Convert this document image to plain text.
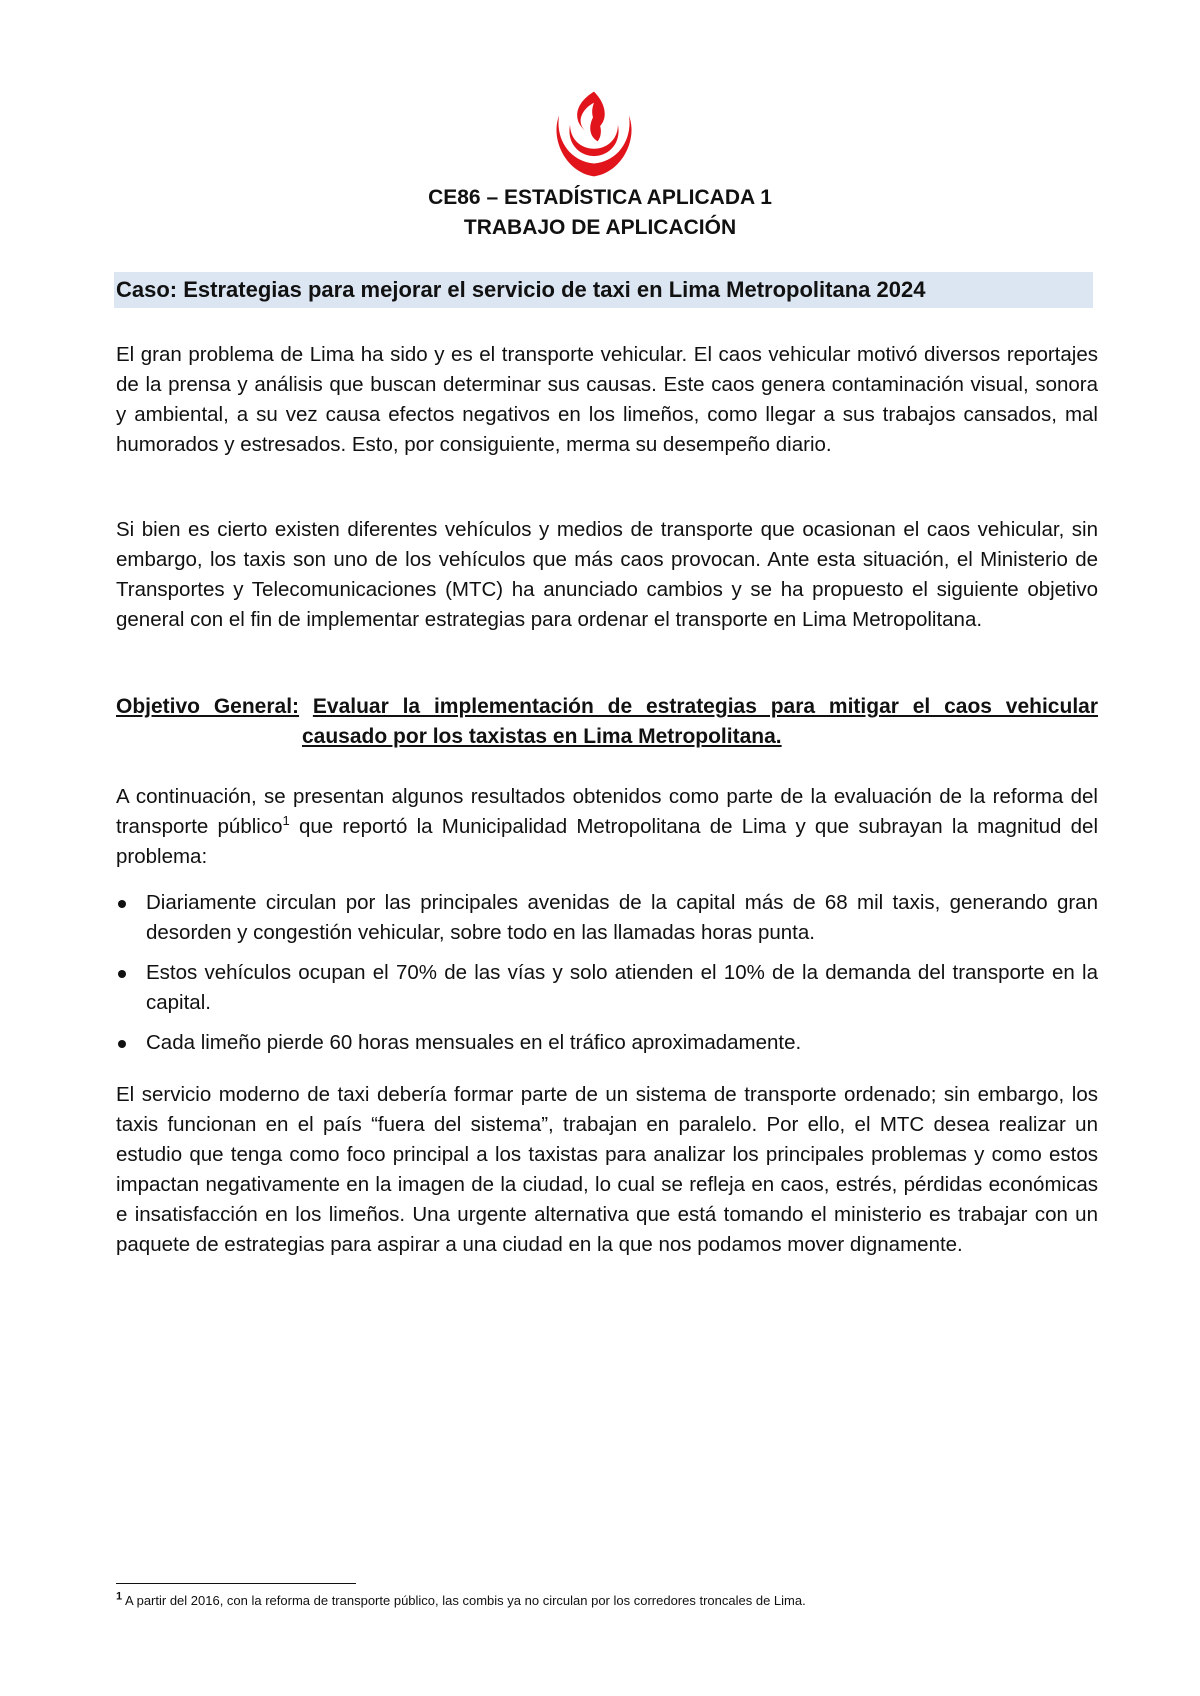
CE86 – ESTADÍSTICA APLICADA 1
TRABAJO DE APLICACIÓN
Caso: Estrategias para mejorar el servicio de taxi en Lima Metropolitana 2024

El gran problema de Lima ha sido y es el transporte vehicular. El caos vehicular motivó diversos reportajes de la prensa y análisis que buscan determinar sus causas. Este caos genera contaminación visual, sonora y ambiental, a su vez causa efectos negativos en los limeños, como llegar a sus trabajos cansados, mal humorados y estresados. Esto, por consiguiente, merma su desempeño diario.

Si bien es cierto existen diferentes vehículos y medios de transporte que ocasionan el caos vehicular, sin embargo, los taxis son uno de los vehículos que más caos provocan. Ante esta situación, el Ministerio de Transportes y Telecomunicaciones (MTC) ha anunciado cambios y se ha propuesto el siguiente objetivo general con el fin de implementar estrategias para ordenar el transporte en Lima Metropolitana.

Objetivo General: Evaluar la implementación de estrategias para mitigar el caos vehicular
causado por los taxistas en Lima Metropolitana.

A continuación, se presentan algunos resultados obtenidos como parte de la evaluación de la reforma del transporte público$^1$ que reportó la Municipalidad Metropolitana de Lima y que subrayan la magnitud del problema:

Diariamente circulan por las principales avenidas de la capital más de 68 mil taxis, generando gran desorden y congestión vehicular, sobre todo en las llamadas horas punta.
Estos vehículos ocupan el 70% de las vías y solo atienden el 10% de la demanda del transporte en la capital.
Cada limeño pierde 60 horas mensuales en el tráfico aproximadamente.

El servicio moderno de taxi debería formar parte de un sistema de transporte ordenado; sin embargo, los taxis funcionan en el país “fuera del sistema”, trabajan en paralelo. Por ello, el MTC desea realizar un estudio que tenga como foco principal a los taxistas para analizar los principales problemas y como estos impactan negativamente en la imagen de la ciudad, lo cual se refleja en caos, estrés, pérdidas económicas e insatisfacción en los limeños. Una urgente alternativa que está tomando el ministerio es trabajar con un paquete de estrategias para aspirar a una ciudad en la que nos podamos mover dignamente.

$^1$ A partir del 2016, con la reforma de transporte público, las combis ya no circulan por los corredores troncales de Lima.
